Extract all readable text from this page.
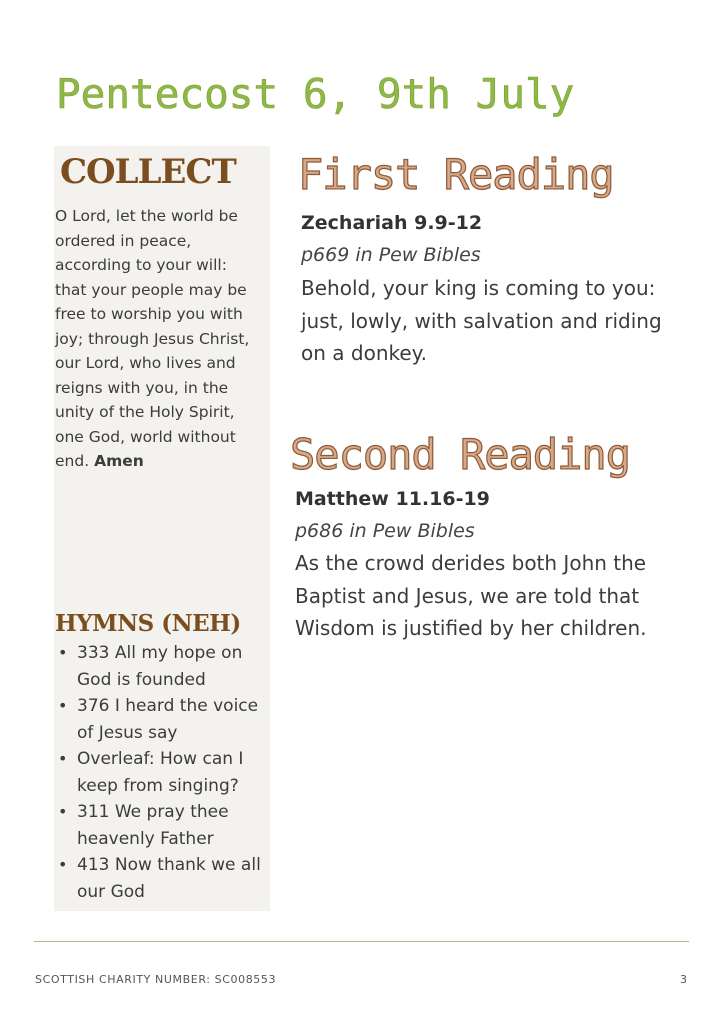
Pentecost 6, 9th July
COLLECT

O Lord, let the world be ordered in peace, according to your will: that your people may be free to worship you with joy; through Jesus Christ, our Lord, who lives and reigns with you, in the unity of the Holy Spirit, one God, world without end. Amen

HYMNS (NEH)
• 333 All my hope on God is founded
• 376 I heard the voice of Jesus say
• Overleaf: How can I keep from singing?
• 311 We pray thee heavenly Father
• 413 Now thank we all our God
First Reading

Zechariah 9.9-12

p669 in Pew Bibles

Behold, your king is coming to you: just, lowly, with salvation and riding on a donkey.

Second Reading

Matthew 11.16-19

p686 in Pew Bibles

As the crowd derides both John the Baptist and Jesus, we are told that Wisdom is justified by her children.

SCOTTISH CHARITY NUMBER: SC008553	3
